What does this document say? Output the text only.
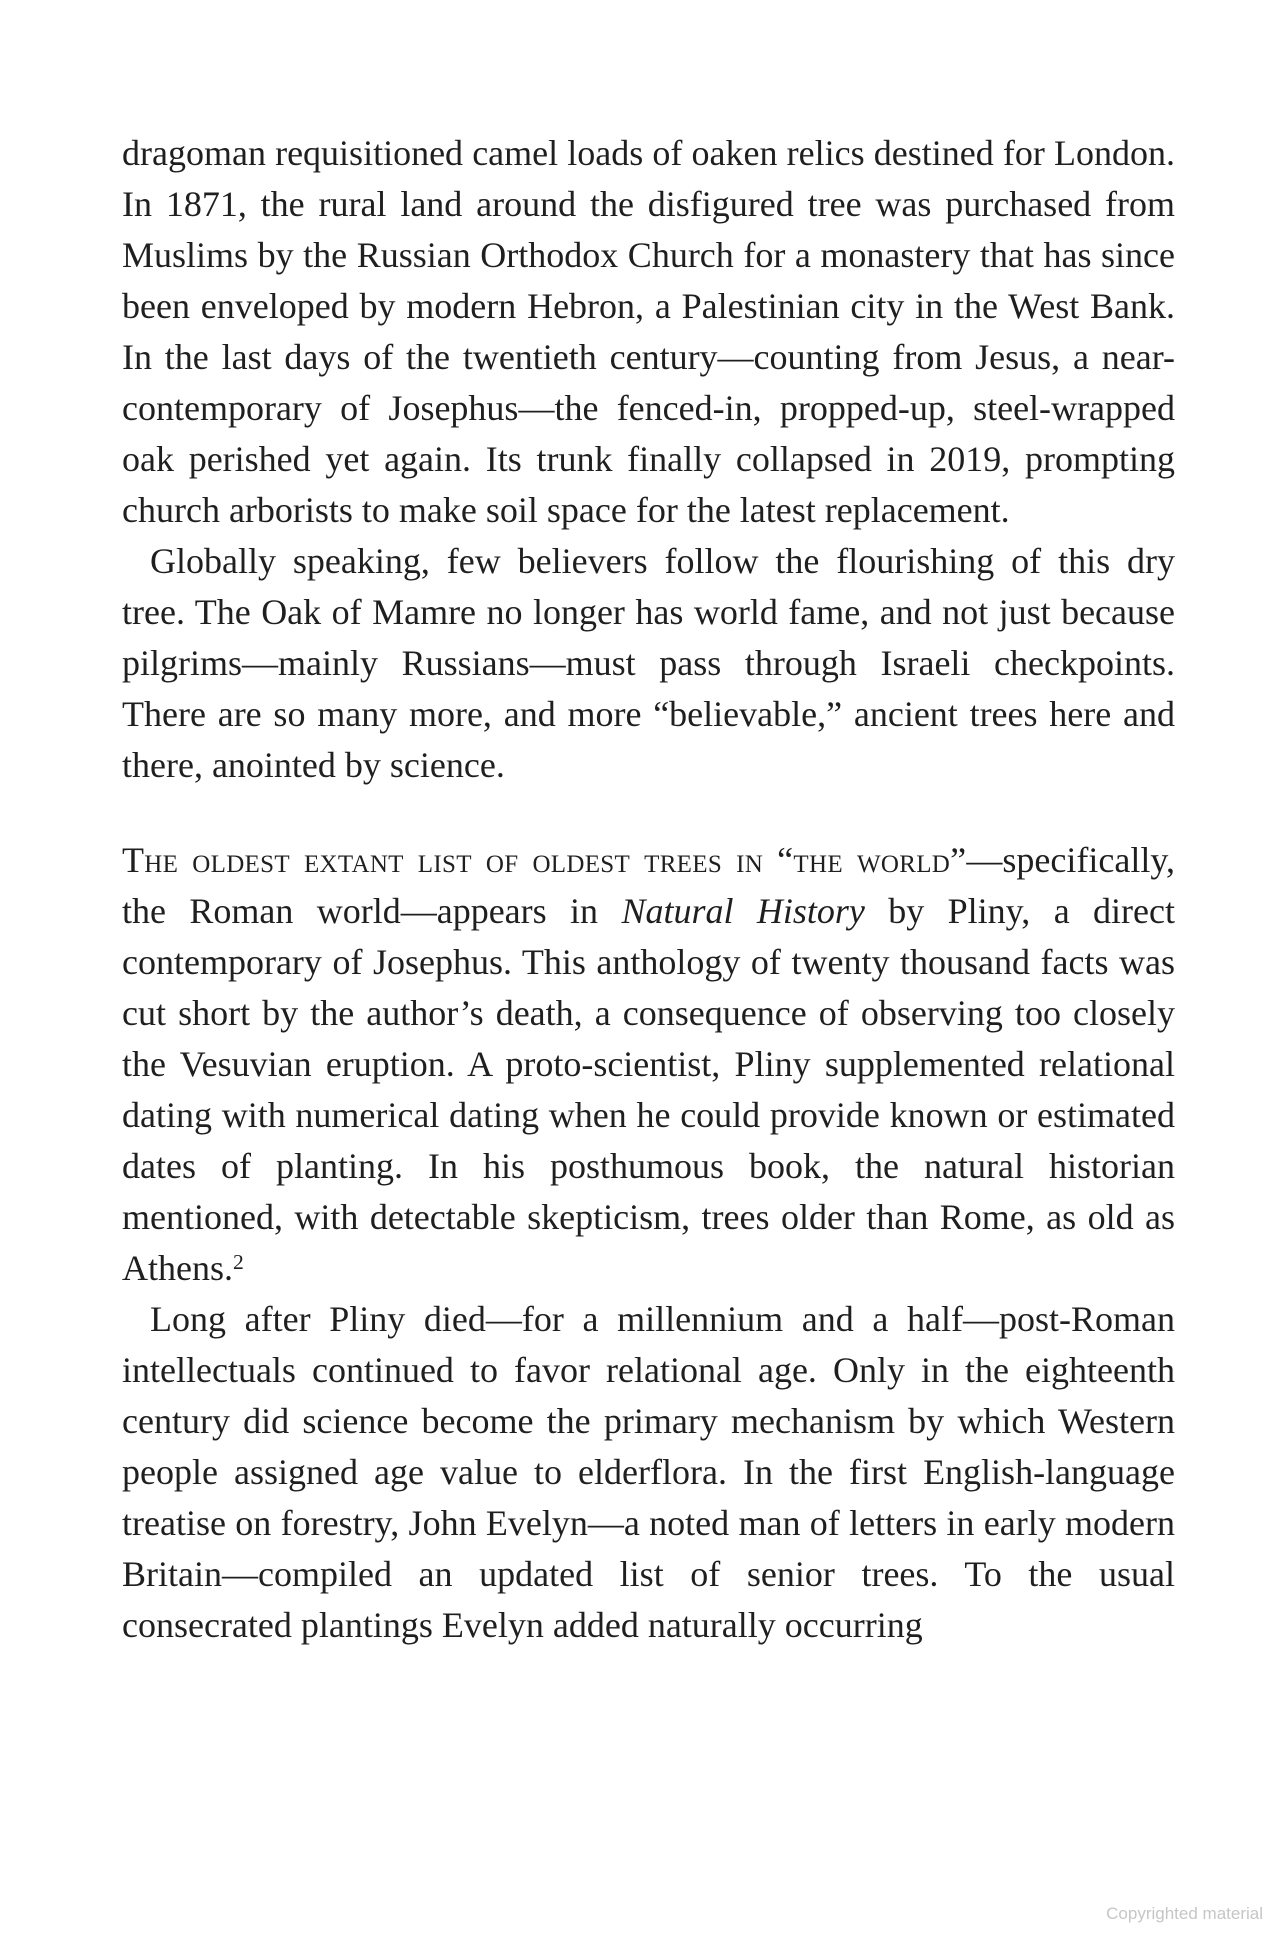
dragoman requisitioned camel loads of oaken relics destined for London. In 1871, the rural land around the disfigured tree was purchased from Muslims by the Russian Orthodox Church for a monastery that has since been enveloped by modern Hebron, a Palestinian city in the West Bank. In the last days of the twentieth century—counting from Jesus, a near-contemporary of Josephus—the fenced-in, propped-up, steel-wrapped oak perished yet again. Its trunk finally collapsed in 2019, prompting church arborists to make soil space for the latest replacement.

Globally speaking, few believers follow the flourishing of this dry tree. The Oak of Mamre no longer has world fame, and not just because pilgrims—mainly Russians—must pass through Israeli checkpoints. There are so many more, and more “believable,” ancient trees here and there, anointed by science.

The oldest extant list of oldest trees in “the world”—specifically, the Roman world—appears in Natural History by Pliny, a direct contemporary of Josephus. This anthology of twenty thousand facts was cut short by the author’s death, a consequence of observing too closely the Vesuvian eruption. A proto-scientist, Pliny supplemented relational dating with numerical dating when he could provide known or estimated dates of planting. In his posthumous book, the natural historian mentioned, with detectable skepticism, trees older than Rome, as old as Athens.$^2$

Long after Pliny died—for a millennium and a half—post-Roman intellectuals continued to favor relational age. Only in the eighteenth century did science become the primary mechanism by which Western people assigned age value to elderflora. In the first English-language treatise on forestry, John Evelyn—a noted man of letters in early modern Britain—compiled an updated list of senior trees. To the usual consecrated plantings Evelyn added naturally occurring

Copyrighted material
